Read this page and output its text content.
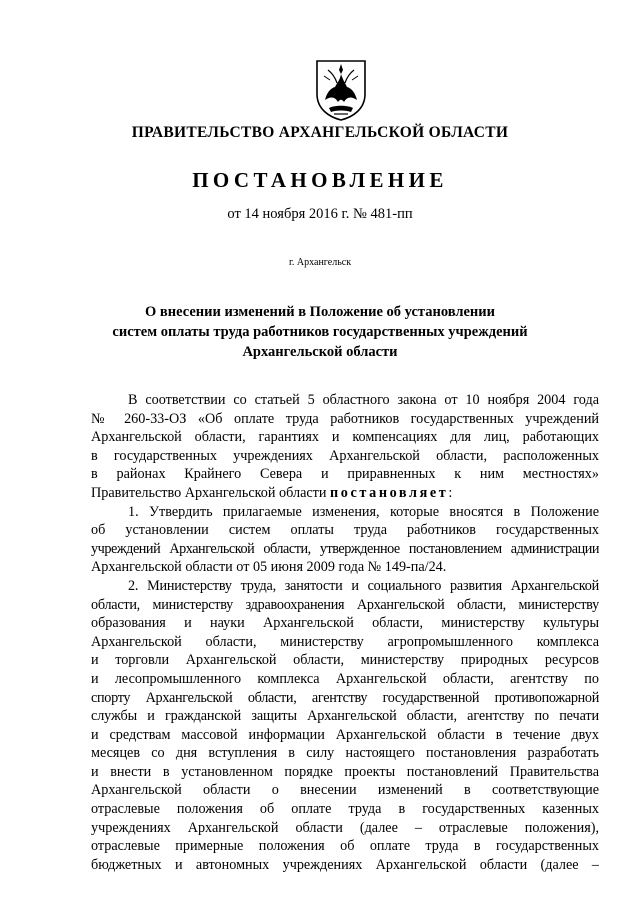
ПРАВИТЕЛЬСТВО АРХАНГЕЛЬСКОЙ ОБЛАСТИ
ПОСТАНОВЛЕНИЕ
от 14 ноября 2016 г. № 481-пп
г. Архангельск
О внесении изменений в Положение об установлении
систем оплаты труда работников государственных учреждений
Архангельской области
В соответствии со статьей 5 областного закона от 10 ноября 2004 года
№ 260-33-ОЗ «Об оплате труда работников государственных учреждений
Архангельской области, гарантиях и компенсациях для лиц, работающих
в государственных учреждениях Архангельской области, расположенных
в районах Крайнего Севера и приравненных к ним местностях»
Правительство Архангельской области постановляет:
1. Утвердить прилагаемые изменения, которые вносятся в Положение
об установлении систем оплаты труда работников государственных
учреждений Архангельской области, утвержденное постановлением администрации
Архангельской области от 05 июня 2009 года № 149-па/24.
2. Министерству труда, занятости и социального развития Архангельской
области, министерству здравоохранения Архангельской области, министерству
образования и науки Архангельской области, министерству культуры
Архангельской области, министерству агропромышленного комплекса
и торговли Архангельской области, министерству природных ресурсов
и лесопромышленного комплекса Архангельской области, агентству по
спорту Архангельской области, агентству государственной противопожарной
службы и гражданской защиты Архангельской области, агентству по печати
и средствам массовой информации Архангельской области в течение двух
месяцев со дня вступления в силу настоящего постановления разработать
и внести в установленном порядке проекты постановлений Правительства
Архангельской области о внесении изменений в соответствующие
отраслевые положения об оплате труда в государственных казенных
учреждениях Архангельской области (далее – отраслевые положения),
отраслевые примерные положения об оплате труда в государственных
бюджетных и автономных учреждениях Архангельской области (далее –
